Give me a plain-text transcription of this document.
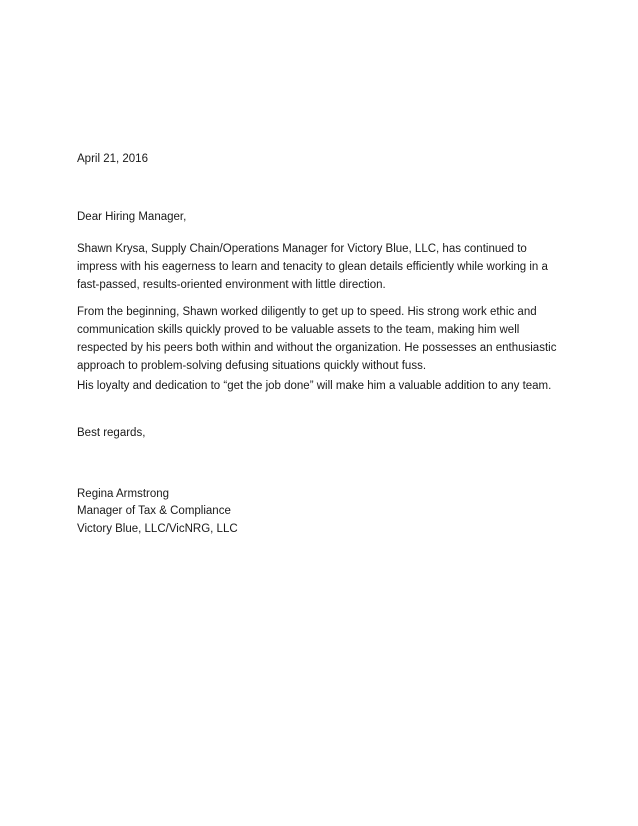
April 21, 2016

Dear Hiring Manager,

Shawn Krysa, Supply Chain/Operations Manager for Victory Blue, LLC, has continued to impress with his eagerness to learn and tenacity to glean details efficiently while working in a fast-passed, results-oriented environment with little direction.

From the beginning, Shawn worked diligently to get up to speed. His strong work ethic and communication skills quickly proved to be valuable assets to the team, making him well respected by his peers both within and without the organization. He possesses an enthusiastic approach to problem-solving defusing situations quickly without fuss.

His loyalty and dedication to “get the job done” will make him a valuable addition to any team.

Best regards,

Regina Armstrong

Manager of Tax & Compliance

Victory Blue, LLC/VicNRG, LLC
